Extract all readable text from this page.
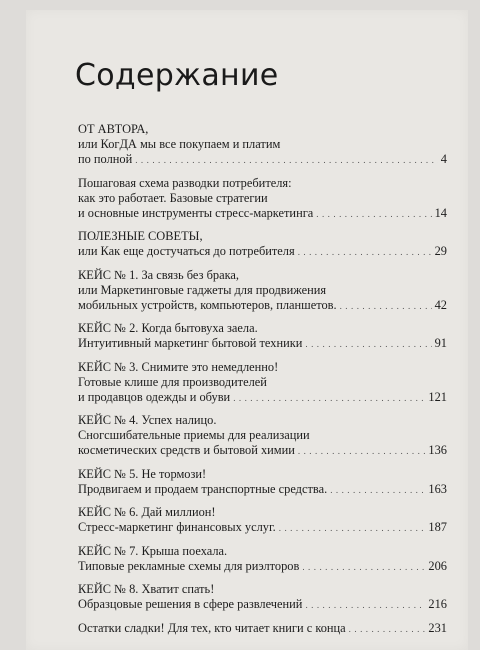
Содержание
ОТ АВТОРА,
или КогДА мы все покупаем и платим
по полной . . .	4
Пошаговая схема разводки потребителя:
как это работает. Базовые стратегии
и основные инструменты стресс-маркетинга . . .	14
ПОЛЕЗНЫЕ СОВЕТЫ,
или Как еще достучаться до потребителя . . .	29
КЕЙС № 1. За связь без брака,
или Маркетинговые гаджеты для продвижения
мобильных устройств, компьютеров, планшетов. . . .	42
КЕЙС № 2. Когда бытовуха заела.
Интуитивный маркетинг бытовой техники . . .	91
КЕЙС № 3. Снимите это немедленно!
Готовые клише для производителей
и продавцов одежды и обуви . . .	121
КЕЙС № 4. Успех налицо.
Сногсшибательные приемы для реализации
косметических средств и бытовой химии . . .	136
КЕЙС № 5. Не тормози!
Продвигаем и продаем транспортные средства. . . .	163
КЕЙС № 6. Дай миллион!
Стресс-маркетинг финансовых услуг. . . .	187
КЕЙС № 7. Крыша поехала.
Типовые рекламные схемы для риэлторов . . .	206
КЕЙС № 8. Хватит спать!
Образцовые решения в сфере развлечений . . .	216
Остатки сладки! Для тех, кто читает книги с конца . . .	231
